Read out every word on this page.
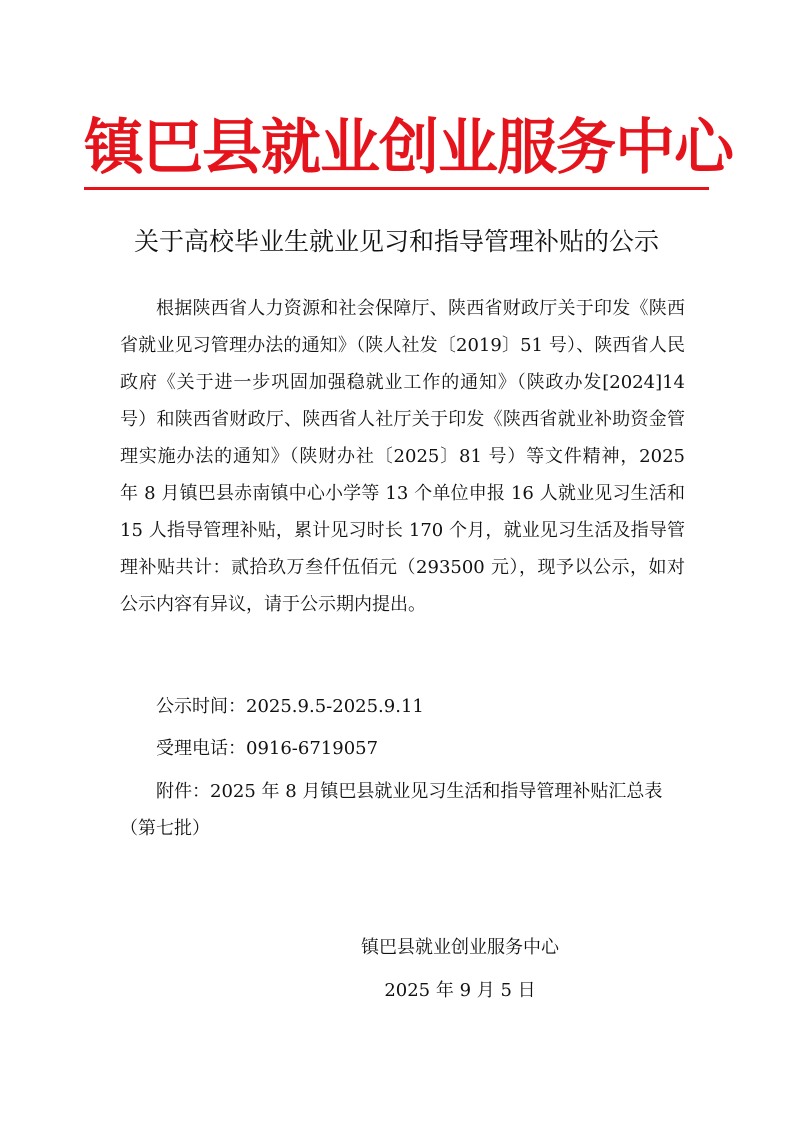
镇巴县就业创业服务中心
关于高校毕业生就业见习和指导管理补贴的公示

根据陕西省人力资源和社会保障厅、陕西省财政厅关于印发《陕西省就业见习管理办法的通知》（陕人社发〔2019〕51 号）、陕西省人民政府《关于进一步巩固加强稳就业工作的通知》（陕政办发[2024]14 号）和陕西省财政厅、陕西省人社厅关于印发《陕西省就业补助资金管理实施办法的通知》（陕财办社〔2025〕81 号）等文件精神，2025 年 8 月镇巴县赤南镇中心小学等 13 个单位申报 16 人就业见习生活和 15 人指导管理补贴，累计见习时长 170 个月，就业见习生活及指导管理补贴共计：贰拾玖万叁仟伍佰元（293500 元），现予以公示，如对公示内容有异议，请于公示期内提出。

公示时间：2025.9.5-2025.9.11

受理电话：0916-6719057

附件：2025 年 8 月镇巴县就业见习生活和指导管理补贴汇总表（第七批）

镇巴县就业创业服务中心
2025 年 9 月 5 日
